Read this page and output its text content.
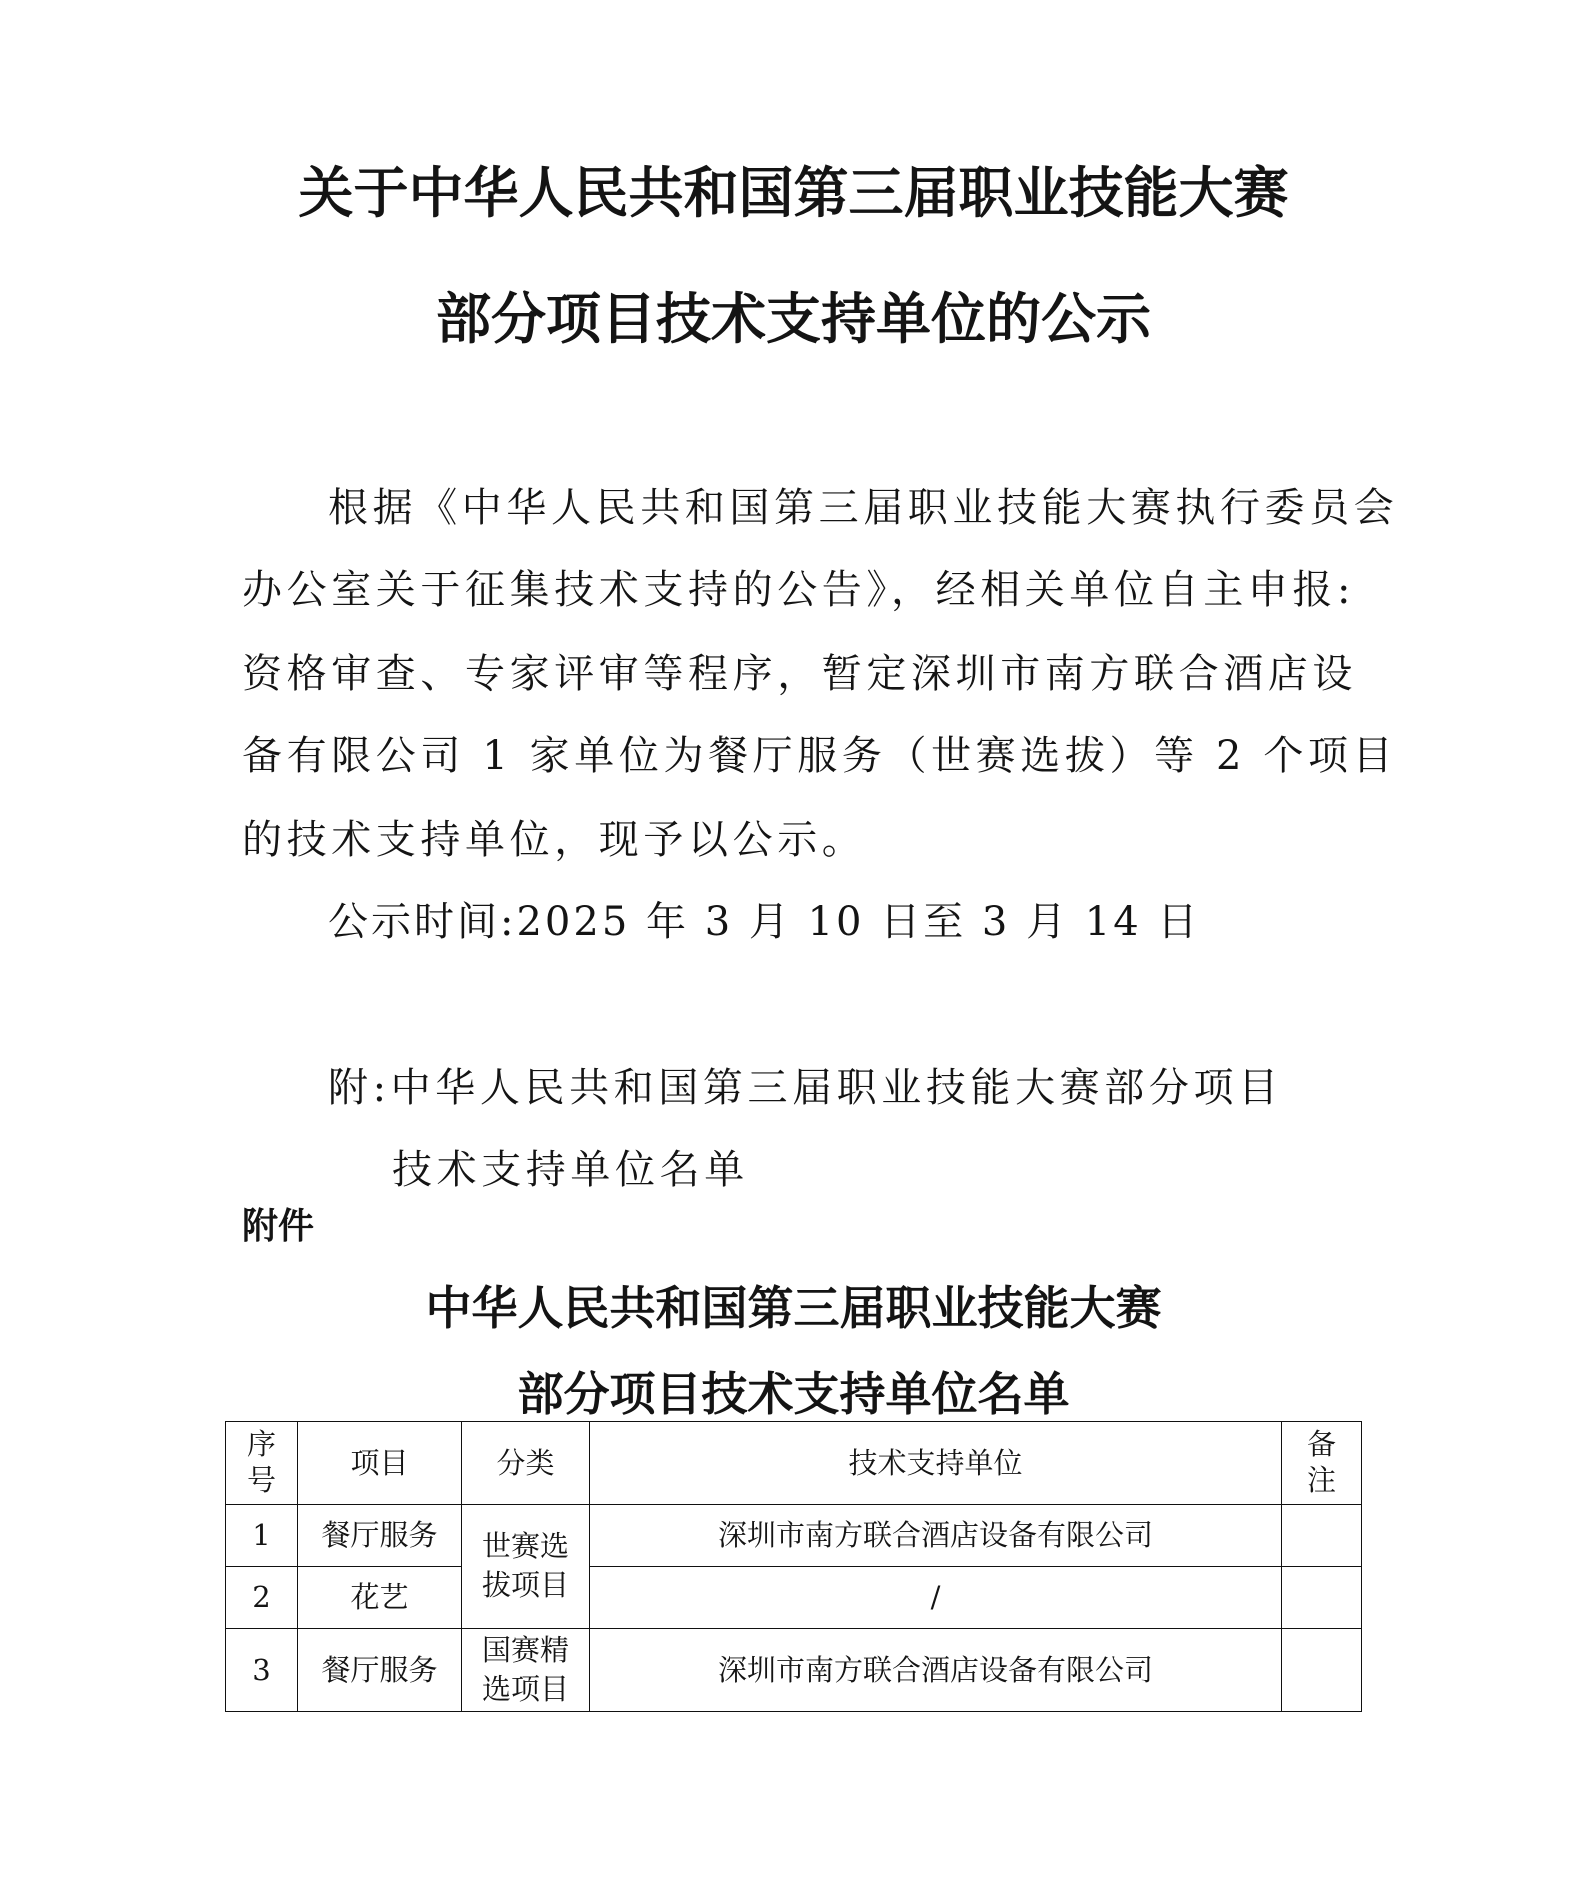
关于中华人民共和国第三届职业技能大赛
部分项目技术支持单位的公示
根据《中华人民共和国第三届职业技能大赛执行委员会
办公室关于征集技术支持的公告》，经相关单位自主申报:
资格审查、专家评审等程序，暂定深圳市南方联合酒店设
备有限公司 1 家单位为餐厅服务（世赛选拔）等 2 个项目
的技术支持单位，现予以公示。
公示时间:2025 年 3 月 10 日至 3 月 14 日
附:中华人民共和国第三届职业技能大赛部分项目
技术支持单位名单
附件
中华人民共和国第三届职业技能大赛
部分项目技术支持单位名单
序号	项目	分类	技术支持单位	备注
1	餐厅服务	世赛选拔项目	深圳市南方联合酒店设备有限公司	
2	花艺		/	
3	餐厅服务	国赛精选项目	深圳市南方联合酒店设备有限公司	
